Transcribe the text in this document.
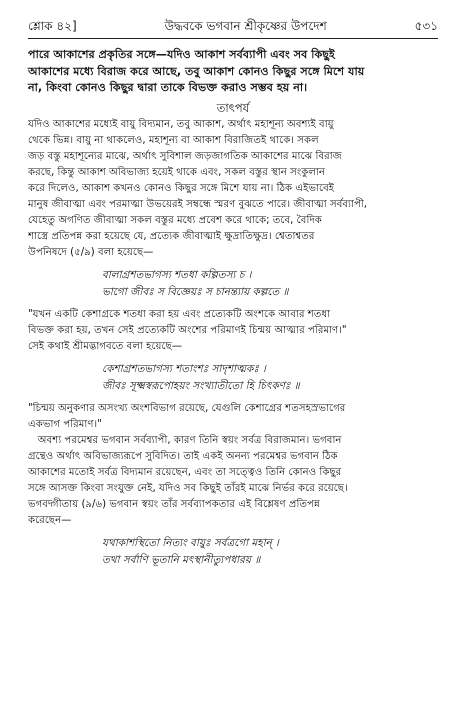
শ্লোক ৪২]	উদ্ধবকে ভগবান শ্রীকৃষ্ণের উপদেশ	৫৩১
পারে আকাশের প্রকৃতির সঙ্গে—যদিও আকাশ সর্বব্যাপী এবং সব কিছুই
আকাশের মধ্যে বিরাজ করে আছে, তবু আকাশ কোনও কিছুর সঙ্গে মিশে যায়
না, কিংবা কোনও কিছুর দ্বারা তাকে বিভক্ত করাও সম্ভব হয় না।
তাৎপর্য

যদিও আকাশের মধ্যেই বায়ু বিদ্যমান, তবু আকাশ, অর্থাৎ মহাশূন্য অবশ্যই বায়ু
থেকে ভিন্ন। বায়ু না থাকলেও, মহাশূন্য বা আকাশ বিরাজিতই থাকে। সকল
জড় বস্তু মহাশূন্যের মাঝে, অর্থাৎ সুবিশাল জড়জাগতিক আকাশের মাঝে বিরাজ
করছে, কিন্তু আকাশ অবিভাজ্য হয়েই থাকে এবং, সকল বস্তুর স্থান সংকুলান
করে দিলেও, আকাশ কখনও কোনও কিছুর সঙ্গে মিশে যায় না। ঠিক এইভাবেই
মানুষ জীবাত্মা এবং পরমাত্মা উভয়েরই সম্বন্ধে স্মরণ বুঝতে পারে। জীবাত্মা সর্বব্যাপী,
যেহেতু অগণিত জীবাত্মা সকল বস্তুর মধ্যে প্রবেশ করে থাকে; তবে, বৈদিক
শাস্ত্রে প্রতিপন্ন করা হয়েছে যে, প্রত্যেক জীবাত্মাই ক্ষুদ্রাতিক্ষুদ্র। শ্বেতাশ্বতর
উপনিষদে (৫/৯) বলা হয়েছে—

বালাগ্রশতভাগস্য শতধা কল্পিতস্য চ ।
ভাগো জীবঃ স বিজ্ঞেয়ঃ স চানন্ত্যায় কল্পতে ॥

"যখন একটি কেশাগ্রকে শতধা করা হয় এবং প্রত্যেকটি অংশকে আবার শতধা
বিভক্ত করা হয়, তখন সেই প্রত্যেকটি অংশের পরিমাণই চিন্ময় আত্মার পরিমাণ।"
সেই কথাই শ্রীমদ্ভাগবতে বলা হয়েছে—

কেশাগ্রশতভাগস্য শতাংশঃ সাদৃশাত্মকঃ ।
জীবঃ সূক্ষ্মস্বরূপোহয়ং সংখ্যাতীতো হি চিৎকণঃ ॥

"চিন্ময় অনুকণার অসংখ্য অংশবিভাগ রয়েছে, যেগুলি কেশাগ্রের শতসহস্রভাগের
একভাগ পরিমাণ।"

অবশ্য পরমেশ্বর ভগবান সর্বব্যাপী, কারণ তিনি স্বয়ং সর্বত্র বিরাজমান। ভগবান
গ্রন্থেও অর্থাৎ অবিভাজ্যরূপে সুবিদিত। তাই একই অনন্য পরমেশ্বর ভগবান ঠিক
আকাশের মতোই সর্বত্র বিদ্যমান রয়েছেন, এবং তা সত্ত্বেও তিনি কোনও কিছুর
সঙ্গে আসক্ত কিংবা সংযুক্ত নেই, যদিও সব কিছুই তাঁরই মাঝে নির্ভর করে রয়েছে।
ভগবদ্গীতায় (৯/৬) ভগবান স্বয়ং তাঁর সর্বব্যাপকতার এই বিশ্লেষণ প্রতিপন্ন
করেছেন—

যথাকাশস্থিতো নিত্যং বায়ুঃ সর্বত্রগো মহান্ ।
তথা সর্বাণি ভূতানি মৎস্থানীত্যুপধারয় ॥
